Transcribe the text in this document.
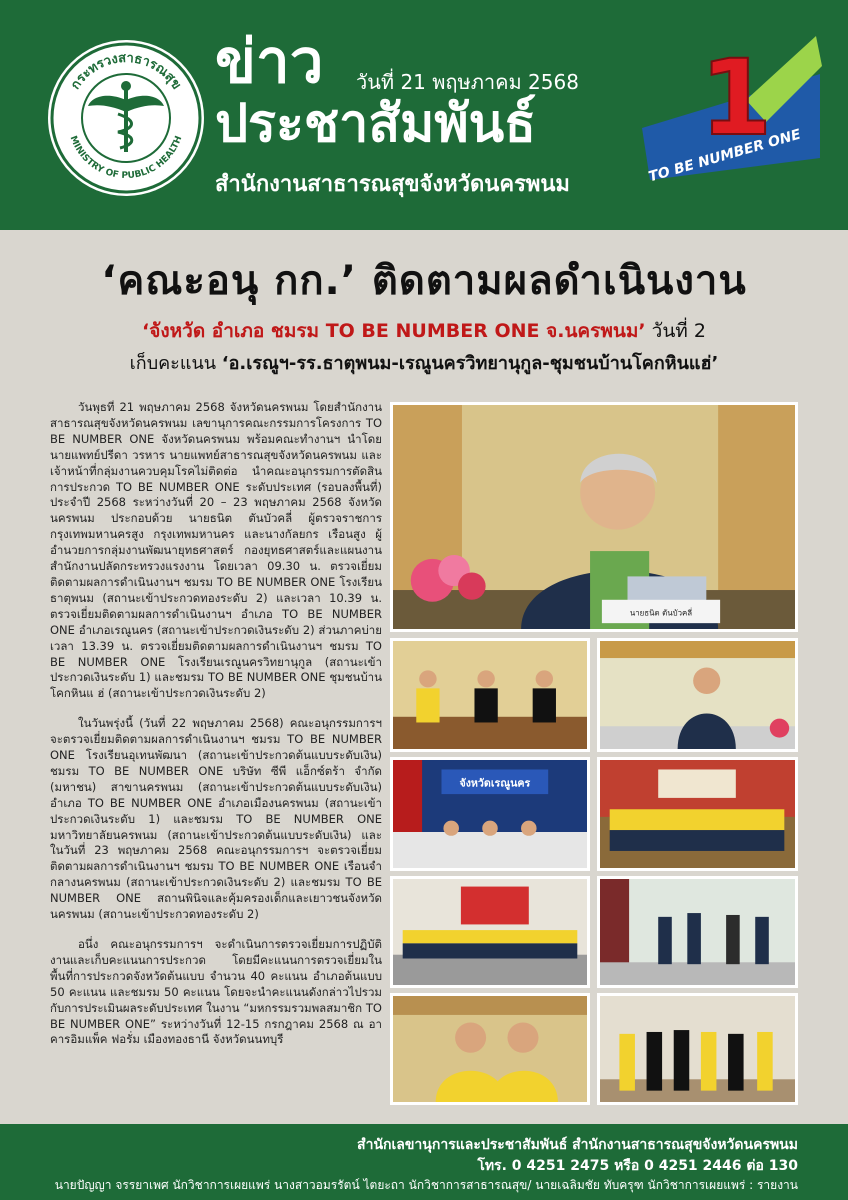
กระทรวงสาธารณสุข
MINISTRY OF PUBLIC HEALTH
ข่าว วันที่ 21 พฤษภาคม 2568
ประชาสัมพันธ์
สำนักงานสาธารณสุขจังหวัดนครพนม
1
TO BE NUMBER ONE
‘คณะอนุ กก.’ ติดตามผลดำเนินงาน
‘จังหวัด อำเภอ ชมรม TO BE NUMBER ONE จ.นครพนม’ วันที่ 2
เก็บคะแนน ‘อ.เรณูฯ-รร.ธาตุพนม-เรณูนครวิทยานุกูล-ชุมชนบ้านโคกหินแฮ่’

วันพุธที่ 21 พฤษภาคม 2568 จังหวัดนครพนม โดยสำนักงานสาธารณสุขจังหวัดนครพนม เลขานุการคณะกรรมการโครงการ TO BE NUMBER ONE จังหวัดนครพนม พร้อมคณะทำงานฯ นำโดยนายแพทย์ปรีดา วรหาร นายแพทย์สาธารณสุขจังหวัดนครพนม และเจ้าหน้าที่กลุ่มงานควบคุมโรคไม่ติดต่อ นำคณะอนุกรรมการตัดสินการประกวด TO BE NUMBER ONE ระดับประเทศ (รอบลงพื้นที่) ประจำปี 2568 ระหว่างวันที่ 20 – 23 พฤษภาคม 2568 จังหวัดนครพนม ประกอบด้วย นายธนิต ตันบัวคลี่ ผู้ตรวจราชการกรุงเทพมหานครสูง กรุงเทพมหานคร และนางกัลยกร เรือนสูง ผู้อำนวยการกลุ่มงานพัฒนายุทธศาสตร์ กองยุทธศาสตร์และแผนงาน สำนักงานปลัดกระทรวงแรงงาน โดยเวลา 09.30 น. ตรวจเยี่ยมติดตามผลการดำเนินงานฯ ชมรม TO BE NUMBER ONE โรงเรียนธาตุพนม (สถานะเข้าประกวดทองระดับ 2) และเวลา 10.39 น. ตรวจเยี่ยมติดตามผลการดำเนินงานฯ อำเภอ TO BE NUMBER ONE อำเภอเรณูนคร (สถานะเข้าประกวดเงินระดับ 2) ส่วนภาคบ่าย เวลา 13.39 น. ตรวจเยี่ยมติดตามผลการดำเนินงานฯ ชมรม TO BE NUMBER ONE โรงเรียนเรณูนครวิทยานุกูล (สถานะเข้าประกวดเงินระดับ 1) และชมรม TO BE NUMBER ONE ชุมชนบ้านโคกหินแ ฮ่ (สถานะเข้าประกวดเงินระดับ 2)

ในวันพรุ่งนี้ (วันที่ 22 พฤษภาคม 2568) คณะอนุกรรมการฯ จะตรวจเยี่ยมติดตามผลการดำเนินงานฯ ชมรม TO BE NUMBER ONE โรงเรียนอุเทนพัฒนา (สถานะเข้าประกวดต้นแบบระดับเงิน) ชมรม TO BE NUMBER ONE บริษัท ซีพี แอ็กซ์ตร้า จำกัด (มหาชน) สาขานครพนม (สถานะเข้าประกวดต้นแบบระดับเงิน) อำเภอ TO BE NUMBER ONE อำเภอเมืองนครพนม (สถานะเข้าประกวดเงินระดับ 1) และชมรม TO BE NUMBER ONE มหาวิทยาลัยนครพนม (สถานะเข้าประกวดต้นแบบระดับเงิน) และในวันที่ 23 พฤษภาคม 2568 คณะอนุกรรมการฯ จะตรวจเยี่ยมติดตามผลการดำเนินงานฯ ชมรม TO BE NUMBER ONE เรือนจำกลางนครพนม (สถานะเข้าประกวดเงินระดับ 2) และชมรม TO BE NUMBER ONE สถานพินิจและคุ้มครองเด็กและเยาวชนจังหวัดนครพนม (สถานะเข้าประกวดทองระดับ 2)

อนึ่ง คณะอนุกรรมการฯ จะดำเนินการตรวจเยี่ยมการปฏิบัติงานและเก็บคะแนนการประกวด โดยมีคะแนนการตรวจเยี่ยมในพื้นที่การประกวดจังหวัดต้นแบบ จำนวน 40 คะแนน อำเภอต้นแบบ 50 คะแนน และชมรม 50 คะแนน โดยจะนำคะแนนดังกล่าวไปรวมกับการประเมินผลระดับประเทศ ในงาน “มหกรรมรวมพลสมาชิก TO BE NUMBER ONE” ระหว่างวันที่ 12-15 กรกฎาคม 2568 ณ อาคารอิมแพ็ค ฟอรั่ม เมืองทองธานี จังหวัดนนทบุรี

นายธนิต ตันบัวคลี่
จังหวัดเรณูนคร
สำนักเลขานุการและประชาสัมพันธ์ สำนักงานสาธารณสุขจังหวัดนครพนม
โทร. 0 4251 2475 หรือ 0 4251 2446 ต่อ 130
นายปัญญา จรรยาเพศ นักวิชาการเผยแพร่ นางสาวอมรรัตน์ ไตยะถา นักวิชาการสาธารณสุข/ นายเฉลิมชัย ทับครุฑ นักวิชาการเผยแพร่ : รายงาน
